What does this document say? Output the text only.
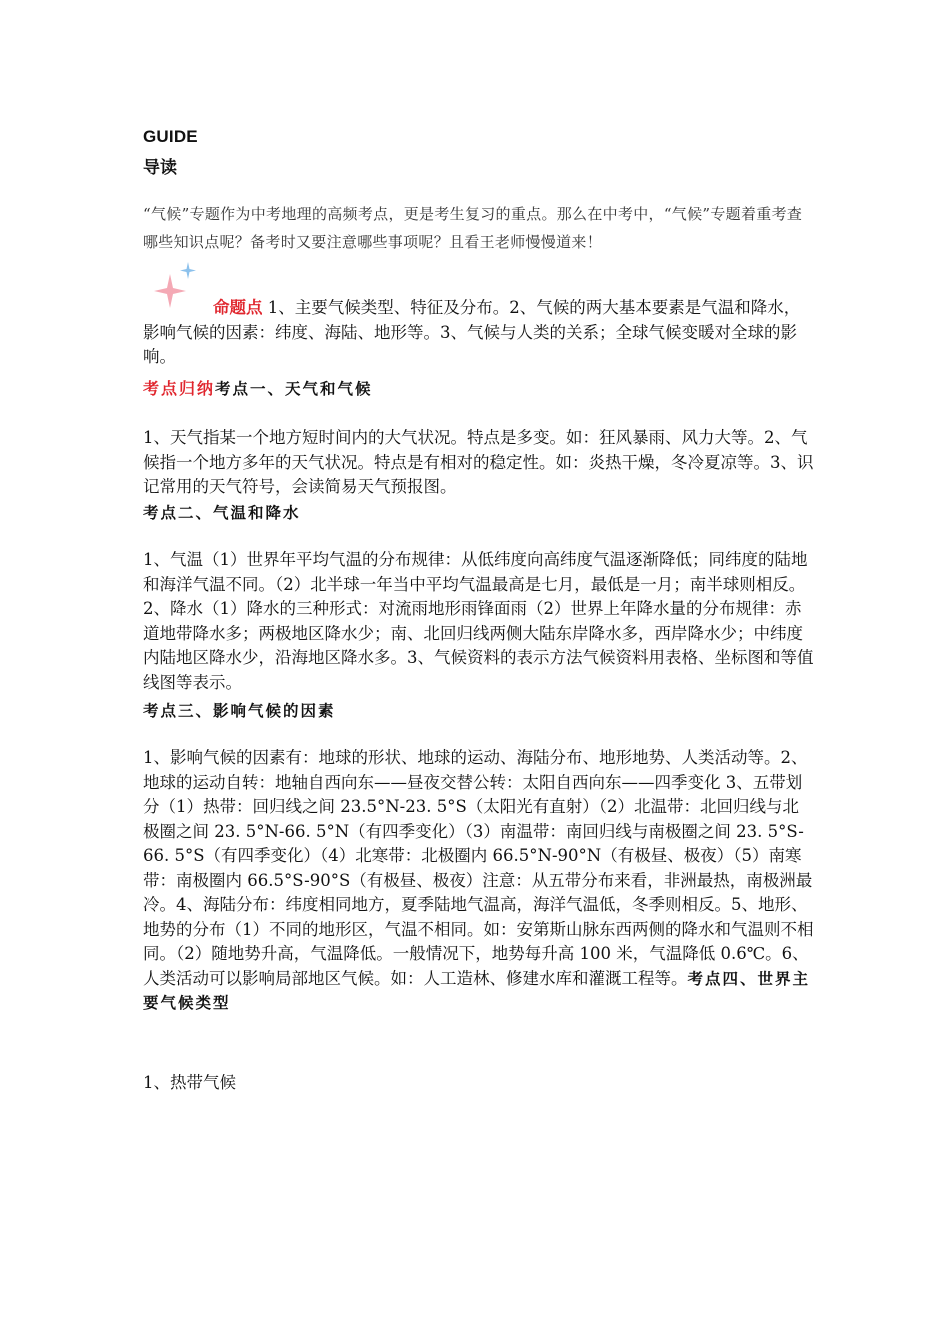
GUIDE
导读
“气候”专题作为中考地理的高频考点，更是考生复习的重点。那么在中考中，“气候”专题着重考查哪些知识点呢？备考时又要注意哪些事项呢？且看王老师慢慢道来！
命题点 1、主要气候类型、特征及分布。2、气候的两大基本要素是气温和降水，影响气候的因素：纬度、海陆、地形等。3、气候与人类的关系；全球气候变暖对全球的影响。
考点归纳考点一、天气和气候
1、天气指某一个地方短时间内的大气状况。特点是多变。如：狂风暴雨、风力大等。2、气候指一个地方多年的天气状况。特点是有相对的稳定性。如：炎热干燥，冬冷夏凉等。3、识记常用的天气符号，会读简易天气预报图。
考点二、气温和降水
1、气温（1）世界年平均气温的分布规律：从低纬度向高纬度气温逐渐降低；同纬度的陆地和海洋气温不同。（2）北半球一年当中平均气温最高是七月，最低是一月；南半球则相反。2、降水（1）降水的三种形式：对流雨地形雨锋面雨（2）世界上年降水量的分布规律：赤道地带降水多；两极地区降水少；南、北回归线两侧大陆东岸降水多，西岸降水少；中纬度内陆地区降水少，沿海地区降水多。3、气候资料的表示方法气候资料用表格、坐标图和等值线图等表示。
考点三、影响气候的因素
1、影响气候的因素有：地球的形状、地球的运动、海陆分布、地形地势、人类活动等。2、地球的运动自转：地轴自西向东——昼夜交替公转：太阳自西向东——四季变化 3、五带划分（1）热带：回归线之间 23.5°N-23. 5°S（太阳光有直射）（2）北温带：北回归线与北极圈之间 23. 5°N-66. 5°N（有四季变化）（3）南温带：南回归线与南极圈之间 23. 5°S-66. 5°S（有四季变化）（4）北寒带：北极圈内 66.5°N-90°N（有极昼、极夜）（5）南寒带：南极圈内 66.5°S-90°S（有极昼、极夜）注意：从五带分布来看，非洲最热，南极洲最冷。4、海陆分布：纬度相同地方，夏季陆地气温高，海洋气温低，冬季则相反。5、地形、地势的分布（1）不同的地形区，气温不相同。如：安第斯山脉东西两侧的降水和气温则不相同。（2）随地势升高，气温降低。一般情况下，地势每升高 100 米，气温降低 0.6℃。6、人类活动可以影响局部地区气候。如：人工造林、修建水库和灌溉工程等。考点四、世界主要气候类型
1、热带气候
